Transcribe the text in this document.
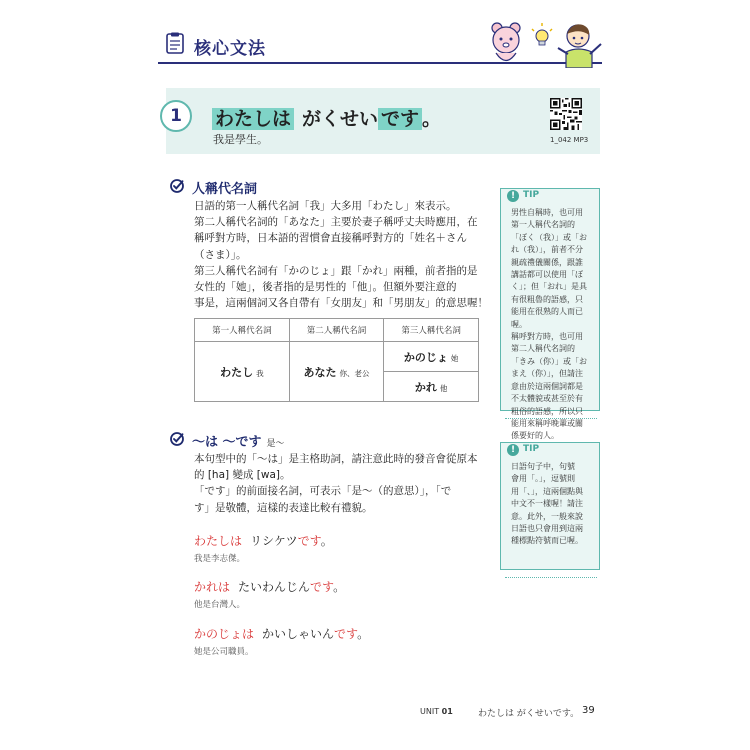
核心文法
1	わたしは がくせい です 。
我是學生。	1_042 MP3
人稱代名詞
日語的第一人稱代名詞「我」大多用「わたし」來表示。
第二人稱代名詞的「あなた」主要於妻子稱呼丈夫時應用，在
稱呼對方時，日本語的習慣會直接稱呼對方的「姓名＋さん
（さま）」。
第三人稱代名詞有「かのじょ」跟「かれ」兩種，前者指的是
女性的「她」，後者指的是男性的「他」。但額外要注意的
事是，這兩個詞又各自帶有「女朋友」和「男朋友」的意思喔！
第一人稱代名詞	第二人稱代名詞	第三人稱代名詞
わたし 我	あなた 你、老公	かのじょ 她
		かれ 他
～は ～です 是～
本句型中的「～は」是主格助詞，請注意此時的發音會從原本
的 [ha] 變成 [wa]。
「です」的前面接名詞，可表示「是～（的意思）」，「で
す」是敬體，這樣的表達比較有禮貌。
わたしは リシケツです。
我是李志傑。
かれは たいわんじんです。
他是台灣人。
かのじょは かいしゃいんです。
她是公司職員。
! TIP
男性自稱時，也可用
第一人稱代名詞的
「ぼく（我）」或「お
れ（我）」，前者不分
親疏禮儀關係，跟誰
講話都可以使用「ぼ
く」；但「おれ」是具
有很粗魯的語感，只
能用在很熟的人而已
喔。
稱呼對方時，也可用
第二人稱代名詞的
「きみ（你）」或「お
まえ（你）」，但請注
意由於這兩個詞都是
不太體貌或甚至於有
粗俗的語感，所以只
能用來稱呼晚輩或關
係要好的人。
! TIP
日語句子中，句號
會用「。」，逗號則
用「、」，這兩個點與
中文不一樣喔！請注
意。此外，一般來說
日語也只會用到這兩
種標點符號而已喔。
UNIT 01	わたしは がくせいです。 39
